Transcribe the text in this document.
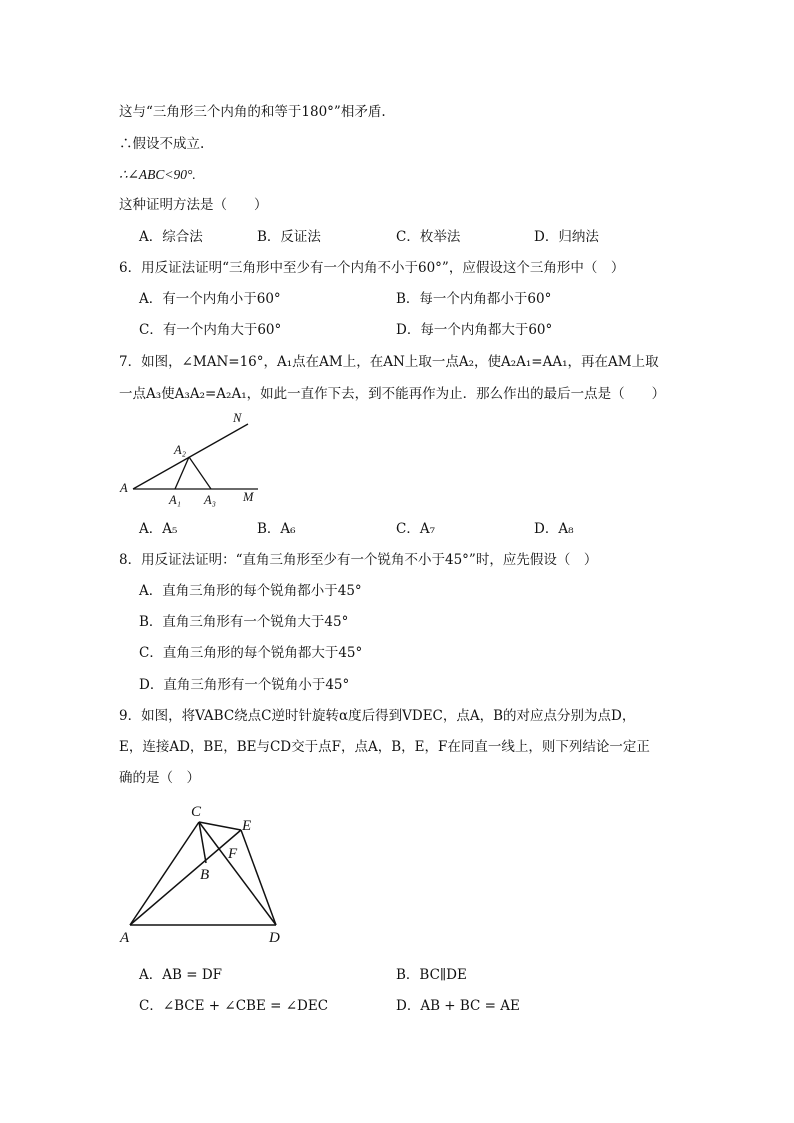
这与“三角形三个内角的和等于180°”相矛盾.
∴假设不成立.
∴∠ABC<90°.
这种证明方法是（　　）
A．综合法	B．反证法	C．枚举法	D．归纳法
6．用反证法证明“三角形中至少有一个内角不小于60°”，应假设这个三角形中（　）
A．有一个内角小于60°	B．每一个内角都小于60°
C．有一个内角大于60°	D．每一个内角都大于60°
7．如图，∠MAN=16°，A₁点在AM上，在AN上取一点A₂，使A₂A₁=AA₁，再在AM上取
一点A₃使A₃A₂=A₂A₁，如此一直作下去，到不能再作为止．那么作出的最后一点是（　　）
A
N
M
A₁
A₂
A₃
A．A₅	B．A₆	C．A₇	D．A₈
8．用反证法证明：“直角三角形至少有一个锐角不小于45°”时，应先假设（　）
A．直角三角形的每个锐角都小于45°
B．直角三角形有一个锐角大于45°
C．直角三角形的每个锐角都大于45°
D．直角三角形有一个锐角小于45°
9．如图，将VABC绕点C逆时针旋转α度后得到VDEC，点A，B的对应点分别为点D，
E，连接AD，BE，BE与CD交于点F，点A，B，E，F在同直一线上，则下列结论一定正
确的是（　）
C
E
F
B
A	D
A．AB = DF	B．BC∥DE
C．∠BCE + ∠CBE = ∠DEC	D．AB + BC = AE
